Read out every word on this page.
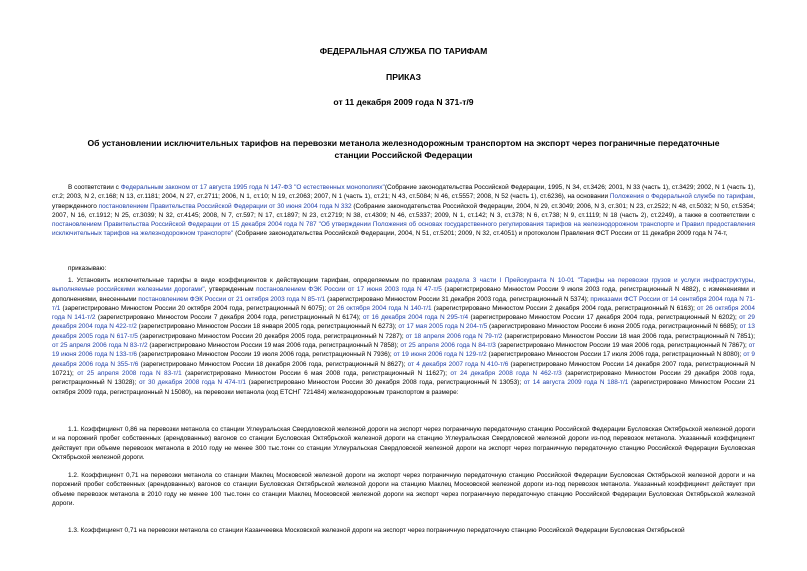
ФЕДЕРАЛЬНАЯ СЛУЖБА ПО ТАРИФАМ
ПРИКАЗ
от 11 декабря 2009 года N 371-т/9
Об установлении исключительных тарифов на перевозки метанола железнодорожным транспортом на экспорт через пограничные передаточные станции Российской Федерации
В соответствии с Федеральным законом от 17 августа 1995 года N 147-ФЗ "О естественных монополиях"(Собрание законодательства Российской Федерации, 1995, N 34, ст.3426; 2001, N 33 (часть 1), ст.3429; 2002, N 1 (часть 1), ст.2; 2003, N 2, ст.168; N 13, ст.1181; 2004, N 27, ст.2711; 2006, N 1, ст.10; N 19, ст.2063; 2007, N 1 (часть 1), ст.21; N 43, ст.5084; N 46, ст.5557; 2008, N 52 (часть 1), ст.6236), на основании Положения о Федеральной службе по тарифам, утвержденного постановлением Правительства Российской Федерации от 30 июня 2004 года N 332 (Собрание законодательства Российской Федерации, 2004, N 29, ст.3049; 2006, N 3, ст.301; N 23, ст.2522; N 48, ст.5032; N 50, ст.5354; 2007, N 16, ст.1912; N 25, ст.3039; N 32, ст.4145; 2008, N 7, ст.597; N 17, ст.1897; N 23, ст.2719; N 38, ст.4309; N 46, ст.5337; 2009, N 1, ст.142; N 3, ст.378; N 6, ст.738; N 9, ст.1119; N 18 (часть 2), ст.2249), а также в соответствии с постановлением Правительства Российской Федерации от 15 декабря 2004 года N 787 "Об утверждении Положения об основах государственного регулирования тарифов на железнодорожном транспорте и Правил предоставления исключительных тарифов на железнодорожном транспорте" (Собрание законодательства Российской Федерации, 2004, N 51, ст.5201; 2009, N 32, ст.4051) и протоколом Правления ФСТ России от 11 декабря 2009 года N 74-т,
приказываю:
1. Установить исключительные тарифы в виде коэффициентов к действующим тарифам, определяемым по правилам раздела 3 части I Прейскуранта N 10-01 "Тарифы на перевозки грузов и услуги инфраструктуры, выполняемые российскими железными дорогами", утвержденным постановлением ФЭК России от 17 июня 2003 года N 47-т/5 (зарегистрировано Минюстом России 9 июля 2003 года, регистрационный N 4882), с изменениями и дополнениями, внесенными постановлением ФЭК России от 21 октября 2003 года N 85-т/1 (зарегистрировано Минюстом России 31 декабря 2003 года, регистрационный N 5374); приказами ФСТ России от 14 сентября 2004 года N 71-т/1 (зарегистрировано Минюстом России 20 октября 2004 года, регистрационный N 6075); от 26 октября 2004 года N 140-т/1 (зарегистрировано Минюстом России 2 декабря 2004 года, регистрационный N 6163); от 26 октября 2004 года N 141-т/2 (зарегистрировано Минюстом России 7 декабря 2004 года, регистрационный N 6174); от 16 декабря 2004 года N 295-т/4 (зарегистрировано Минюстом России 17 декабря 2004 года, регистрационный N 6202); от 29 декабря 2004 года N 422-т/2 (зарегистрировано Минюстом России 18 января 2005 года, регистрационный N 6273); от 17 мая 2005 года N 204-т/5 (зарегистрировано Минюстом России 6 июня 2005 года, регистрационный N 6685); от 13 декабря 2005 года N 617-т/5 (зарегистрировано Минюстом России 20 декабря 2005 года, регистрационный N 7287); от 18 апреля 2006 года N 79-т/2 (зарегистрировано Минюстом России 18 мая 2006 года, регистрационный N 7851); от 25 апреля 2006 года N 83-т/2 (зарегистрировано Минюстом России 19 мая 2006 года, регистрационный N 7858); от 25 апреля 2006 года N 84-т/3 (зарегистрировано Минюстом России 19 мая 2006 года, регистрационный N 7867); от 19 июня 2006 года N 133-т/6 (зарегистрировано Минюстом России 19 июля 2006 года, регистрационный N 7936); от 19 июня 2006 года N 129-т/2 (зарегистрировано Минюстом России 17 июля 2006 года, регистрационный N 8080); от 9 декабря 2006 года N 355-т/6 (зарегистрировано Минюстом России 18 декабря 2006 года, регистрационный N 8627); от 4 декабря 2007 года N 410-т/6 (зарегистрировано Минюстом России 14 декабря 2007 года, регистрационный N 10721); от 25 апреля 2008 года N 83-т/1 (зарегистрировано Минюстом России 6 мая 2008 года, регистрационный N 11627); от 24 декабря 2008 года N 462-т/3 (зарегистрировано Минюстом России 29 декабря 2008 года, регистрационный N 13028); от 30 декабря 2008 года N 474-т/1 (зарегистрировано Минюстом России 30 декабря 2008 года, регистрационный N 13053); от 14 августа 2009 года N 188-т/1 (зарегистрировано Минюстом России 21 октября 2009 года, регистрационный N 15080), на перевозки метанола (код ЕТСНГ 721484) железнодорожным транспортом в размере:
1.1. Коэффициент 0,86 на перевозки метанола со станции Углеуральская Свердловской железной дороги на экспорт через пограничную передаточную станцию Российской Федерации Бусловская Октябрьской железной дороги и на порожний пробег собственных (арендованных) вагонов со станции Бусловская Октябрьской железной дороги на станцию Углеуральская Свердловской железной дороги из-под перевозок метанола. Указанный коэффициент действует при объеме перевозок метанола в 2010 году не менее 300 тыс.тонн со станции Углеуральская Свердловской железной дороги на экспорт через пограничную передаточную станцию Российской Федерации Бусловская Октябрьской железной дороги.
1.2. Коэффициент 0,71 на перевозки метанола со станции Маклец Московской железной дороги на экспорт через пограничную передаточную станцию Российской Федерации Бусловская Октябрьской железной дороги и на порожний пробег собственных (арендованных) вагонов со станции Бусловская Октябрьской железной дороги на станцию Маклец Московской железной дороги из-под перевозок метанола. Указанный коэффициент действует при объеме перевозок метанола в 2010 году не менее 100 тыс.тонн со станции Маклец Московской железной дороги на экспорт через пограничную передаточную станцию Российской Федерации Бусловская Октябрьской железной дороги.
1.3. Коэффициент 0,71 на перевозки метанола со станции Казанчеевка Московской железной дороги на экспорт через пограничную передаточную станцию Российской Федерации Бусловская Октябрьской
